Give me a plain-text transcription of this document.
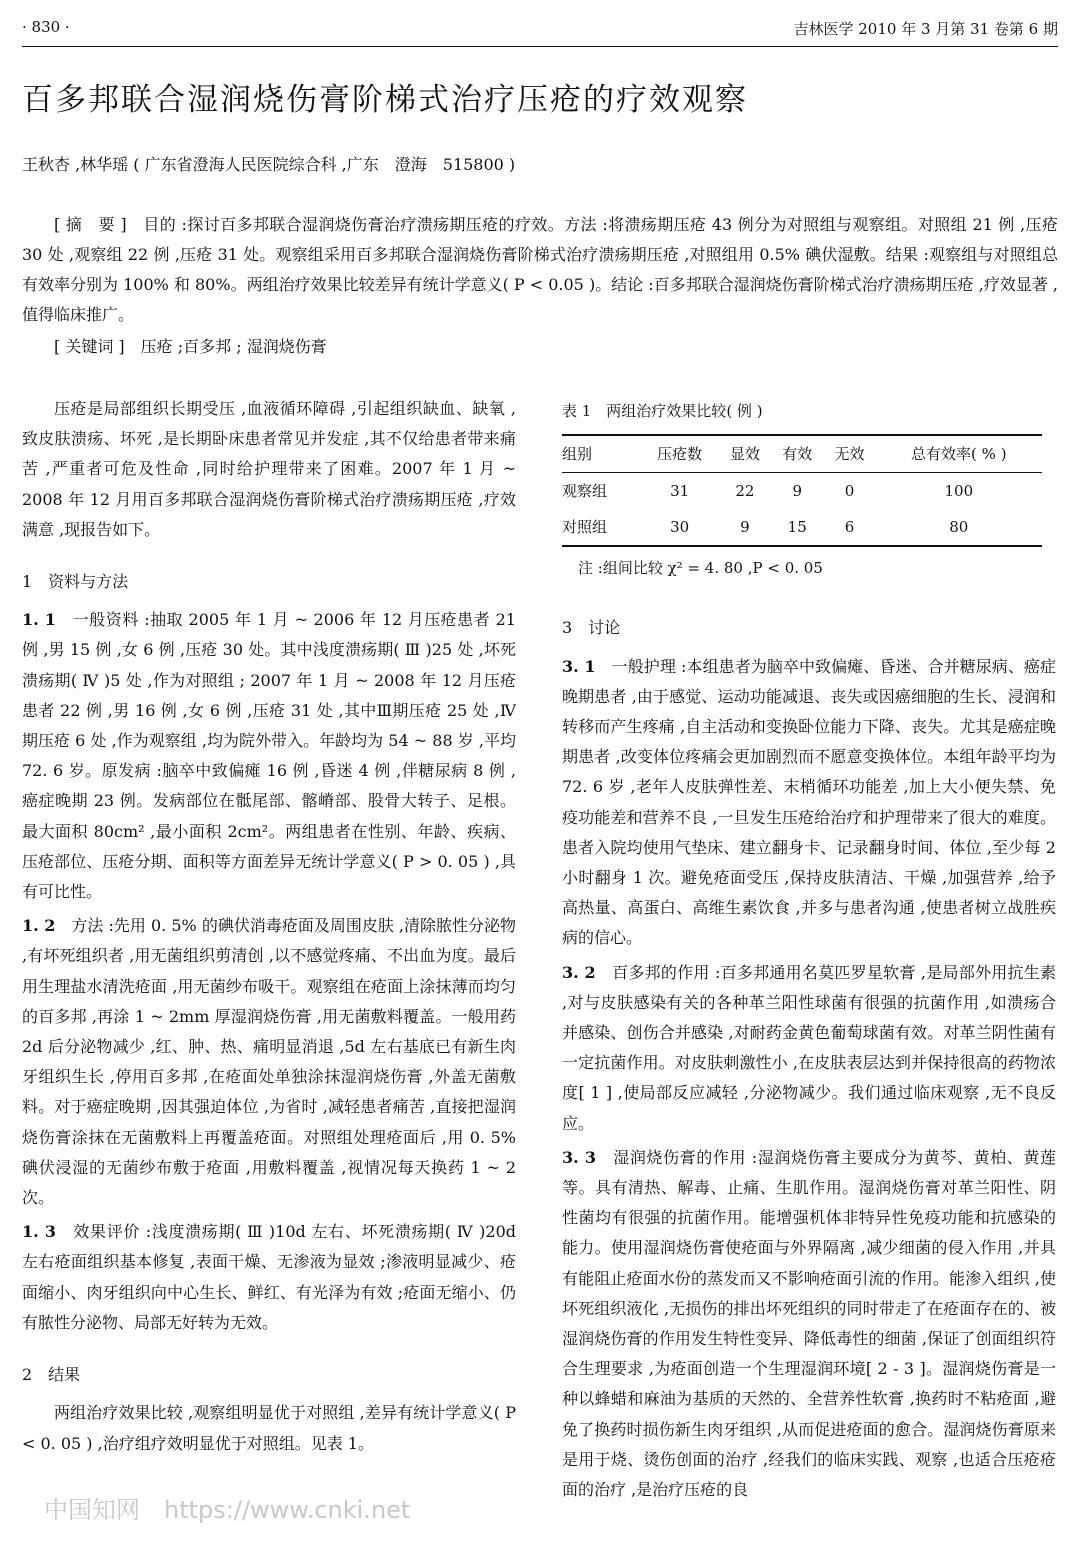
· 830 ·	吉林医学 2010 年 3 月第 31 卷第 6 期
百多邦联合湿润烧伤膏阶梯式治疗压疮的疗效观察
王秋杏 ,林华瑶 ( 广东省澄海人民医院综合科 ,广东　澄海　515800 )

[ 摘　要 ]　目的 :探讨百多邦联合湿润烧伤膏治疗溃疡期压疮的疗效。方法 :将溃疡期压疮 43 例分为对照组与观察组。对照组 21 例 ,压疮 30 处 ,观察组 22 例 ,压疮 31 处。观察组采用百多邦联合湿润烧伤膏阶梯式治疗溃疡期压疮 ,对照组用 0.5% 碘伏湿敷。结果 :观察组与对照组总有效率分别为 100% 和 80%。两组治疗效果比较差异有统计学意义( P < 0.05 )。结论 :百多邦联合湿润烧伤膏阶梯式治疗溃疡期压疮 ,疗效显著 ,值得临床推广。

[ 关键词 ]　压疮 ;百多邦 ; 湿润烧伤膏

压疮是局部组织长期受压 ,血液循环障碍 ,引起组织缺血、缺氧 ,致皮肤溃疡、坏死 ,是长期卧床患者常见并发症 ,其不仅给患者带来痛苦 ,严重者可危及性命 ,同时给护理带来了困难。2007 年 1 月 ~ 2008 年 12 月用百多邦联合湿润烧伤膏阶梯式治疗溃疡期压疮 ,疗效满意 ,现报告如下。

1　资料与方法

1. 1　一般资料 :抽取 2005 年 1 月 ~ 2006 年 12 月压疮患者 21 例 ,男 15 例 ,女 6 例 ,压疮 30 处。其中浅度溃疡期( Ⅲ )25 处 ,坏死溃疡期( Ⅳ )5 处 ,作为对照组 ; 2007 年 1 月 ~ 2008 年 12 月压疮患者 22 例 ,男 16 例 ,女 6 例 ,压疮 31 处 ,其中Ⅲ期压疮 25 处 ,Ⅳ期压疮 6 处 ,作为观察组 ,均为院外带入。年龄均为 54 ~ 88 岁 ,平均 72. 6 岁。原发病 :脑卒中致偏瘫 16 例 ,昏迷 4 例 ,伴糖尿病 8 例 ,癌症晚期 23 例。发病部位在骶尾部、髂嵴部、股骨大转子、足根。最大面积 80cm² ,最小面积 2cm²。两组患者在性别、年龄、疾病、压疮部位、压疮分期、面积等方面差异无统计学意义( P > 0. 05 ) ,具有可比性。

1. 2　方法 :先用 0. 5% 的碘伏消毒疮面及周围皮肤 ,清除脓性分泌物 ,有坏死组织者 ,用无菌组织剪清创 ,以不感觉疼痛、不出血为度。最后用生理盐水清洗疮面 ,用无菌纱布吸干。观察组在疮面上涂抹薄而均匀的百多邦 ,再涂 1 ~ 2mm 厚湿润烧伤膏 ,用无菌敷料覆盖。一般用药 2d 后分泌物减少 ,红、肿、热、痛明显消退 ,5d 左右基底已有新生肉牙组织生长 ,停用百多邦 ,在疮面处单独涂抹湿润烧伤膏 ,外盖无菌敷料。对于癌症晚期 ,因其强迫体位 ,为省时 ,减轻患者痛苦 ,直接把湿润烧伤膏涂抹在无菌敷料上再覆盖疮面。对照组处理疮面后 ,用 0. 5% 碘伏浸湿的无菌纱布敷于疮面 ,用敷料覆盖 ,视情况每天换药 1 ~ 2 次。

1. 3　效果评价 :浅度溃疡期( Ⅲ )10d 左右、坏死溃疡期( Ⅳ )20d 左右疮面组织基本修复 ,表面干燥、无渗液为显效 ;渗液明显减少、疮面缩小、肉牙组织向中心生长、鲜红、有光泽为有效 ;疮面无缩小、仍有脓性分泌物、局部无好转为无效。

2　结果

两组治疗效果比较 ,观察组明显优于对照组 ,差异有统计学意义( P < 0. 05 ) ,治疗组疗效明显优于对照组。见表 1。

表 1　两组治疗效果比较( 例 )
组别	压疮数	显效	有效	无效	总有效率( % )
观察组	31	22	9	0	100
对照组	30	9	15	6	80
注 :组间比较 χ² = 4. 80 ,P < 0. 05

3　讨论

3. 1　一般护理 :本组患者为脑卒中致偏瘫、昏迷、合并糖尿病、癌症晚期患者 ,由于感觉、运动功能减退、丧失或因癌细胞的生长、浸润和转移而产生疼痛 ,自主活动和变换卧位能力下降、丧失。尤其是癌症晚期患者 ,改变体位疼痛会更加剧烈而不愿意变换体位。本组年龄平均为 72. 6 岁 ,老年人皮肤弹性差、末梢循环功能差 ,加上大小便失禁、免疫功能差和营养不良 ,一旦发生压疮给治疗和护理带来了很大的难度。患者入院均使用气垫床、建立翻身卡、记录翻身时间、体位 ,至少每 2 小时翻身 1 次。避免疮面受压 ,保持皮肤清洁、干燥 ,加强营养 ,给予高热量、高蛋白、高维生素饮食 ,并多与患者沟通 ,使患者树立战胜疾病的信心。

3. 2　百多邦的作用 :百多邦通用名莫匹罗星软膏 ,是局部外用抗生素 ,对与皮肤感染有关的各种革兰阳性球菌有很强的抗菌作用 ,如溃疡合并感染、创伤合并感染 ,对耐药金黄色葡萄球菌有效。对革兰阴性菌有一定抗菌作用。对皮肤刺激性小 ,在皮肤表层达到并保持很高的药物浓度[ 1 ] ,使局部反应减轻 ,分泌物减少。我们通过临床观察 ,无不良反应。

3. 3　湿润烧伤膏的作用 :湿润烧伤膏主要成分为黄芩、黄柏、黄莲等。具有清热、解毒、止痛、生肌作用。湿润烧伤膏对革兰阳性、阴性菌均有很强的抗菌作用。能增强机体非特异性免疫功能和抗感染的能力。使用湿润烧伤膏使疮面与外界隔离 ,减少细菌的侵入作用 ,并具有能阻止疮面水份的蒸发而又不影响疮面引流的作用。能渗入组织 ,使坏死组织液化 ,无损伤的排出坏死组织的同时带走了在疮面存在的、被湿润烧伤膏的作用发生特性变异、降低毒性的细菌 ,保证了创面组织符合生理要求 ,为疮面创造一个生理湿润环境[ 2 - 3 ]。湿润烧伤膏是一种以蜂蜡和麻油为基质的天然的、全营养性软膏 ,换药时不粘疮面 ,避免了换药时损伤新生肉牙组织 ,从而促进疮面的愈合。湿润烧伤膏原来是用于烧、烫伤创面的治疗 ,经我们的临床实践、观察 ,也适合压疮疮面的治疗 ,是治疗压疮的良

中国知网　https://www.cnki.net
